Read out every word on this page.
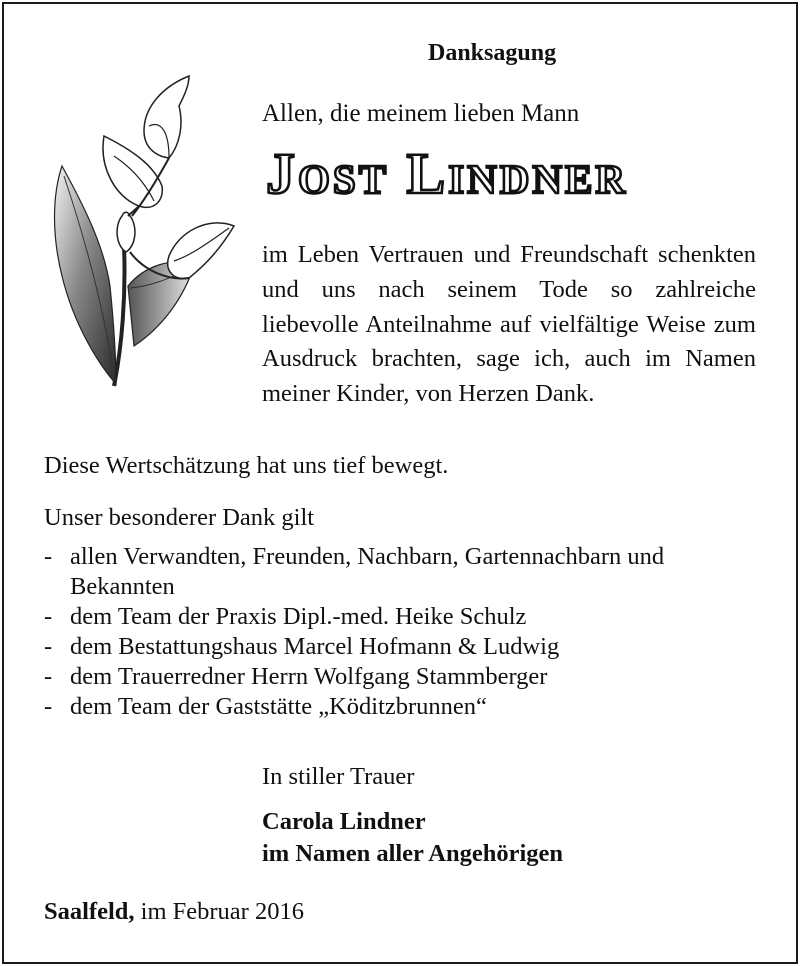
Danksagung
Allen, die meinem lieben Mann
Jost Lindner
im Leben Vertrauen und Freundschaft schenkten und uns nach seinem Tode so zahlreiche liebevolle Anteilnahme auf vielfältige Weise zum Ausdruck brachten, sage ich, auch im Namen meiner Kinder, von Herzen Dank.
Diese Wertschätzung hat uns tief bewegt.
Unser besonderer Dank gilt
- allen Verwandten, Freunden, Nachbarn, Gartennachbarn und Bekannten
- dem Team der Praxis Dipl.-med. Heike Schulz
- dem Bestattungshaus Marcel Hofmann & Ludwig
- dem Trauerredner Herrn Wolfgang Stammberger
- dem Team der Gaststätte „Köditzbrunnen“
In stiller Trauer
Carola Lindner
im Namen aller Angehörigen
Saalfeld, im Februar 2016
